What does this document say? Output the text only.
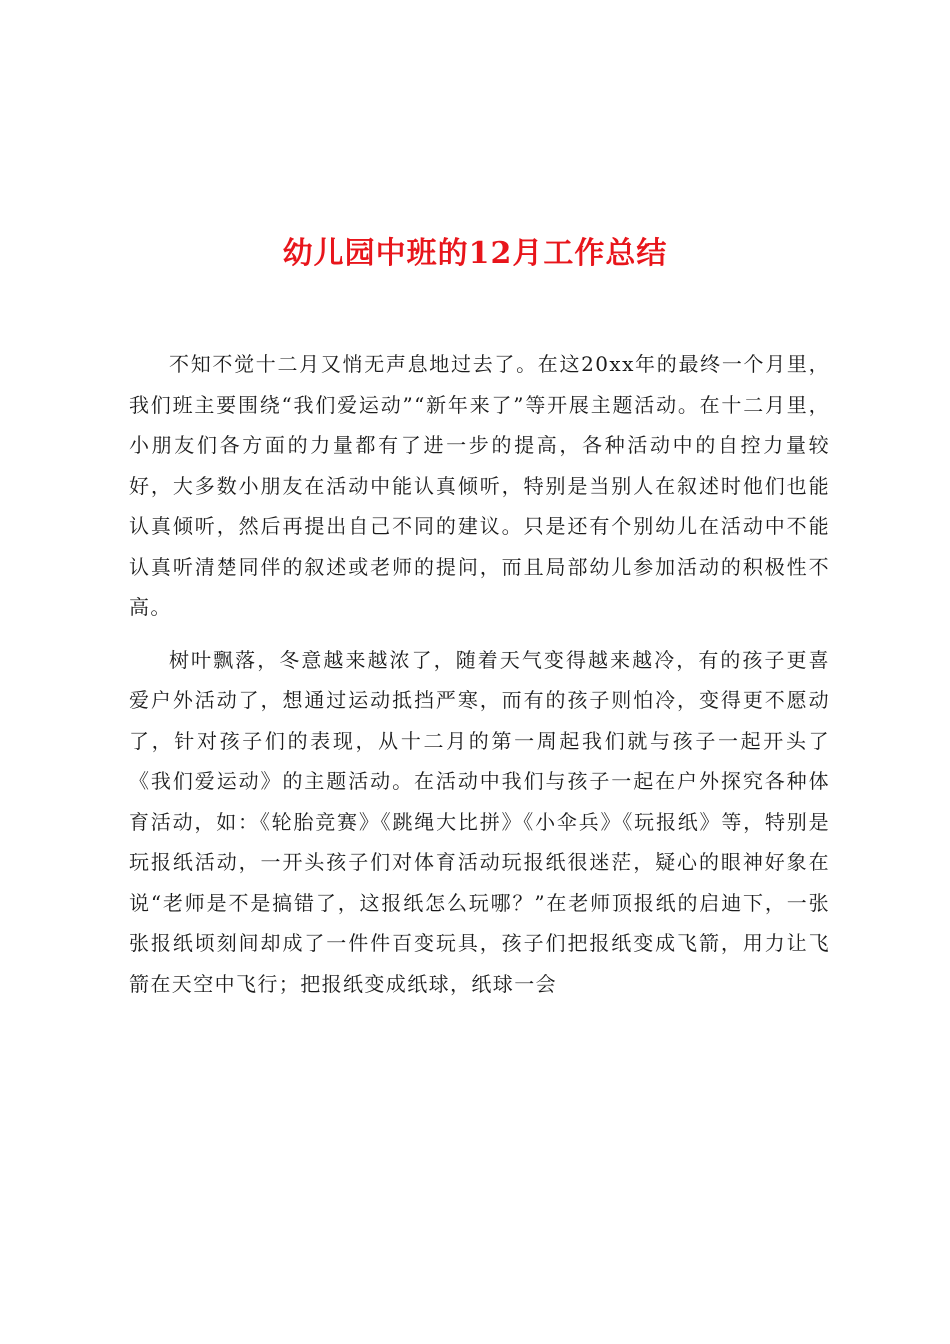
幼儿园中班的12月工作总结

不知不觉十二月又悄无声息地过去了。在这20xx年的最终一个月里，我们班主要围绕“我们爱运动”“新年来了”等开展主题活动。在十二月里，小朋友们各方面的力量都有了进一步的提高，各种活动中的自控力量较好，大多数小朋友在活动中能认真倾听，特别是当别人在叙述时他们也能认真倾听，然后再提出自己不同的建议。只是还有个别幼儿在活动中不能认真听清楚同伴的叙述或老师的提问，而且局部幼儿参加活动的积极性不高。

树叶飘落，冬意越来越浓了，随着天气变得越来越冷，有的孩子更喜爱户外活动了，想通过运动抵挡严寒，而有的孩子则怕冷，变得更不愿动了，针对孩子们的表现，从十二月的第一周起我们就与孩子一起开头了《我们爱运动》的主题活动。在活动中我们与孩子一起在户外探究各种体育活动，如：《轮胎竞赛》《跳绳大比拼》《小伞兵》《玩报纸》等，特别是玩报纸活动，一开头孩子们对体育活动玩报纸很迷茫，疑心的眼神好象在说“老师是不是搞错了，这报纸怎么玩哪？”在老师顶报纸的启迪下，一张张报纸顷刻间却成了一件件百变玩具，孩子们把报纸变成飞箭，用力让飞箭在天空中飞行；把报纸变成纸球，纸球一会
